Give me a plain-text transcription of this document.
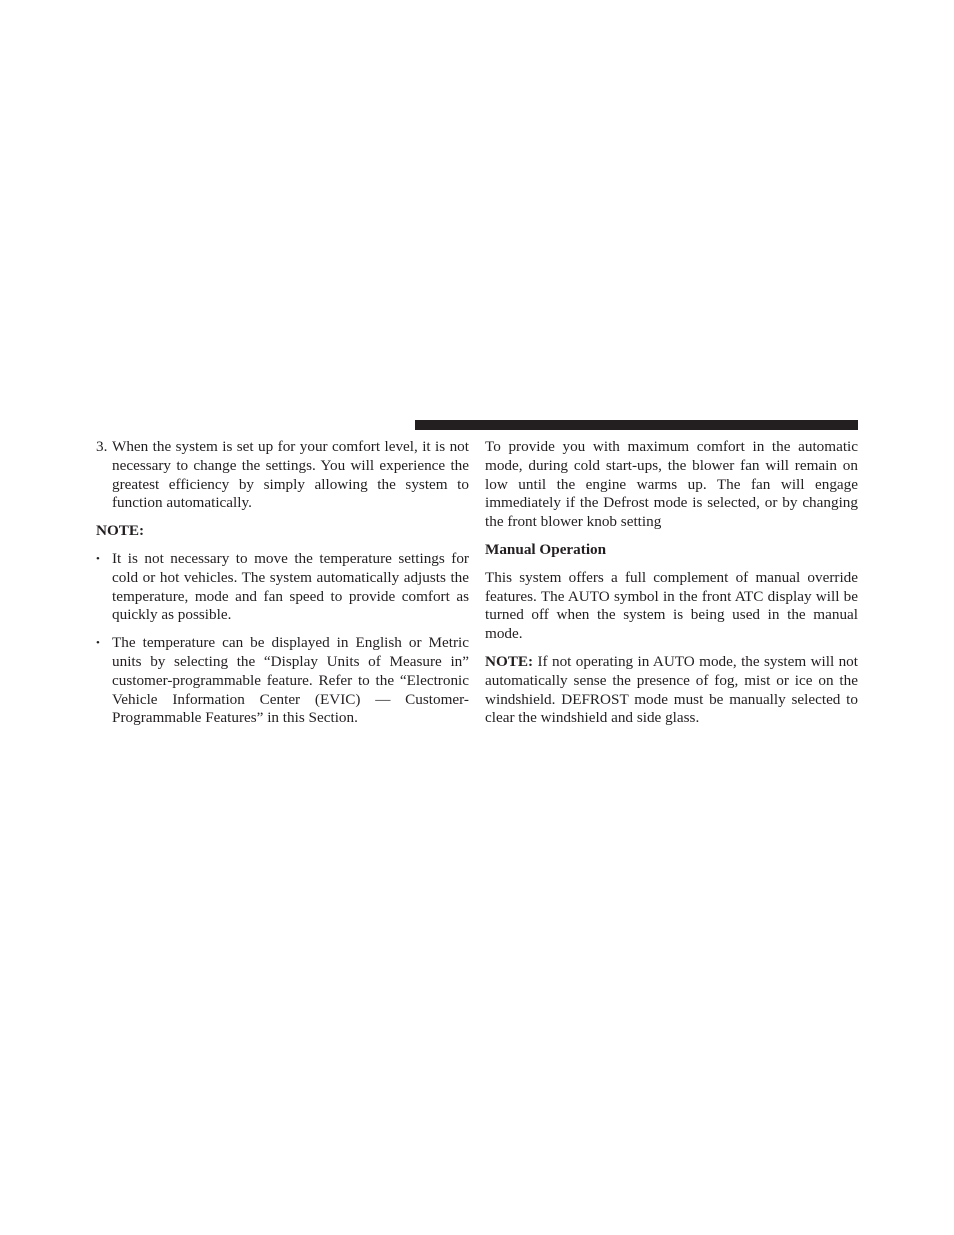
3. When the system is set up for your comfort level, it is not necessary to change the settings. You will experience the greatest efficiency by simply allowing the system to function automatically.
NOTE:
• It is not necessary to move the temperature settings for cold or hot vehicles. The system automatically adjusts the temperature, mode and fan speed to provide comfort as quickly as possible.
• The temperature can be displayed in English or Metric units by selecting the “Display Units of Measure in” customer-programmable feature. Refer to the “Electronic Vehicle Information Center (EVIC) — Customer-Programmable Features” in this Section.

To provide you with maximum comfort in the automatic mode, during cold start-ups, the blower fan will remain on low until the engine warms up. The fan will engage immediately if the Defrost mode is selected, or by changing the front blower knob setting

Manual Operation

This system offers a full complement of manual override features. The AUTO symbol in the front ATC display will be turned off when the system is being used in the manual mode.

NOTE: If not operating in AUTO mode, the system will not automatically sense the presence of fog, mist or ice on the windshield. DEFROST mode must be manually selected to clear the windshield and side glass.
